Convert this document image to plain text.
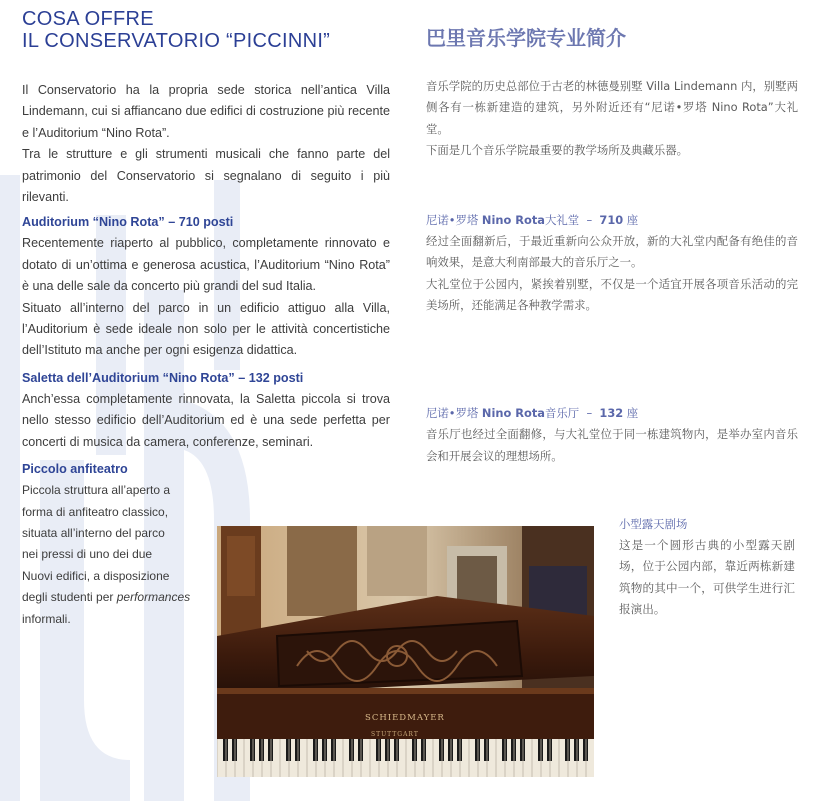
COSA OFFRE
IL CONSERVATORIO “PICCINNI”

Il Conservatorio ha la propria sede storica nell’antica Villa Lindemann, cui si affiancano due edifici di costruzione più recente e l’Auditorium “Nino Rota”.

Tra le strutture e gli strumenti musicali che fanno parte del patrimonio del Conservatorio si segnalano di seguito i più rilevanti.

Auditorium “Nino Rota” – 710 posti

Recentemente riaperto al pubblico, completamente rinnovato e dotato di un’ottima e generosa acustica, l’Auditorium “Nino Rota” è una delle sale da concerto più grandi del sud Italia.

Situato all’interno del parco in un edificio attiguo alla Villa, l’Auditorium è sede ideale non solo per le attività concertistiche dell’Istituto ma anche per ogni esigenza didattica.

Saletta dell’Auditorium “Nino Rota” – 132 posti

Anch’essa completamente rinnovata, la Saletta piccola si trova nello stesso edificio dell’Auditorium ed è una sede perfetta per concerti di musica da camera, conferenze, seminari.

Piccolo anfiteatro

Piccola struttura all’aperto a

forma di anfiteatro classico,

situata all’interno del parco

nei pressi di uno dei due

Nuovi edifici, a disposizione

degli studenti per performances

informali.

巴里音乐学院专业简介

音乐学院的历史总部位于古老的林德曼别墅 Villa Lindemann 内，别墅两侧各有一栋新建造的建筑，另外附近还有“尼诺•罗塔 Nino Rota”大礼堂。

下面是几个音乐学院最重要的教学场所及典藏乐器。

尼诺•罗塔 Nino Rota大礼堂 – 710 座

经过全面翻新后，于最近重新向公众开放，新的大礼堂内配备有绝佳的音响效果，是意大利南部最大的音乐厅之一。

大礼堂位于公园内，紧挨着别墅，不仅是一个适宜开展各项音乐活动的完美场所，还能满足各种教学需求。

尼诺•罗塔 Nino Rota音乐厅 – 132 座

音乐厅也经过全面翻修，与大礼堂位于同一栋建筑物内，是举办室内音乐会和开展会议的理想场所。

小型露天剧场

这是一个圆形古典的小型露天剧场，位于公园内部，靠近两栋新建筑物的其中一个，可供学生进行汇报演出。

SCHIEDMAYER
STUTTGART
